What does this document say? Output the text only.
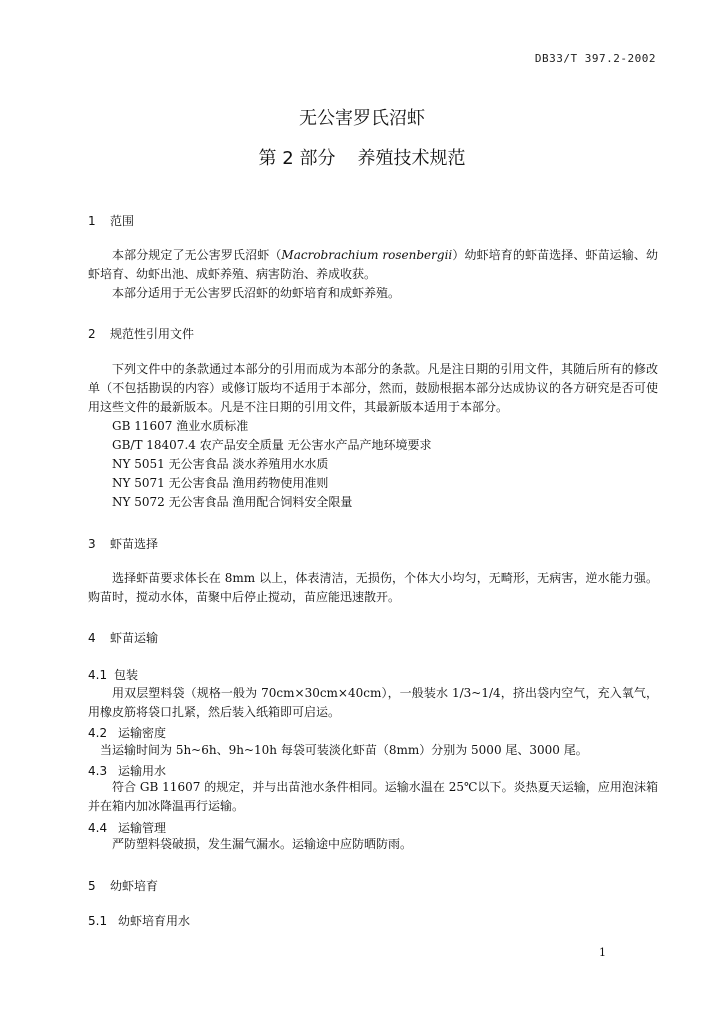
DB33/T 397.2-2002
无公害罗氏沼虾
第 2 部分 养殖技术规范
1 范围

本部分规定了无公害罗氏沼虾（Macrobrachium rosenbergii）幼虾培育的虾苗选择、虾苗运输、幼虾培育、幼虾出池、成虾养殖、病害防治、养成收获。

本部分适用于无公害罗氏沼虾的幼虾培育和成虾养殖。

2 规范性引用文件

下列文件中的条款通过本部分的引用而成为本部分的条款。凡是注日期的引用文件，其随后所有的修改单（不包括勘误的内容）或修订版均不适用于本部分，然而，鼓励根据本部分达成协议的各方研究是否可使用这些文件的最新版本。凡是不注日期的引用文件，其最新版本适用于本部分。

GB 11607 渔业水质标准
GB/T 18407.4 农产品安全质量 无公害水产品产地环境要求
NY 5051 无公害食品 淡水养殖用水水质
NY 5071 无公害食品 渔用药物使用准则
NY 5072 无公害食品 渔用配合饲料安全限量
3 虾苗选择

选择虾苗要求体长在 8mm 以上，体表清洁，无损伤，个体大小均匀，无畸形，无病害，逆水能力强。购苗时，搅动水体，苗聚中后停止搅动，苗应能迅速散开。

4 虾苗运输
4.1 包装

用双层塑料袋（规格一般为 70cm×30cm×40cm），一般装水 1/3~1/4，挤出袋内空气，充入氧气，用橡皮筋将袋口扎紧，然后装入纸箱即可启运。

4.2 运输密度
当运输时间为 5h~6h、9h~10h 每袋可装淡化虾苗（8mm）分别为 5000 尾、3000 尾。
4.3 运输用水

符合 GB 11607 的规定，并与出苗池水条件相同。运输水温在 25℃以下。炎热夏天运输，应用泡沫箱并在箱内加冰降温再行运输。

4.4 运输管理

严防塑料袋破损，发生漏气漏水。运输途中应防晒防雨。

5 幼虾培育
5.1 幼虾培育用水
1
